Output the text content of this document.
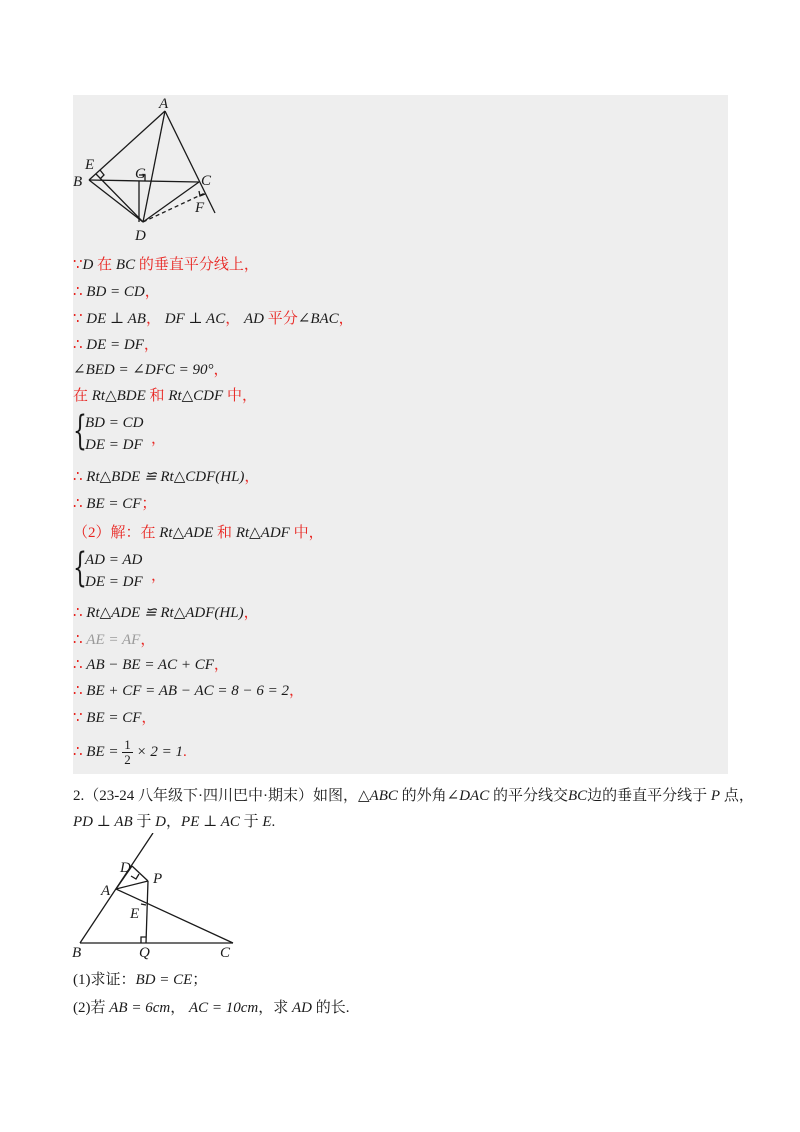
A
E
G
B	C
F
D
∵D 在 BC 的垂直平分线上，
∴ BD = CD，
∵ DE ⊥ AB， DF ⊥ AC， AD 平分∠BAC，
∴ DE = DF，
∠BED = ∠DFC = 90°，
在 Rt△BDE 和 Rt△CDF 中，
{
BD = CD
DE = DF ，
∴ Rt△BDE ≌ Rt△CDF(HL)，
∴ BE = CF；
（2）解：在 Rt△ADE 和 Rt△ADF 中，
{
AD = AD
DE = DF ，
∴ Rt△ADE ≌ Rt△ADF(HL)，
∴ AE = AF，
∴ AB − BE = AC + CF，
∴ BE + CF = AB − AC = 8 − 6 = 2，
∵ BE = CF，
∴ BE = $\frac{1}{2} \times 2 = 1$.
2.（23-24 八年级下·四川巴中·期末）如图，△ABC 的外角∠DAC 的平分线交BC边的垂直平分线于 P 点，
PD ⊥ AB 于 D，PE ⊥ AC 于 E.
D
P
A
E
B	Q	C
(1)求证：BD = CE；
(2)若 AB = 6cm， AC = 10cm，求 AD 的长.
